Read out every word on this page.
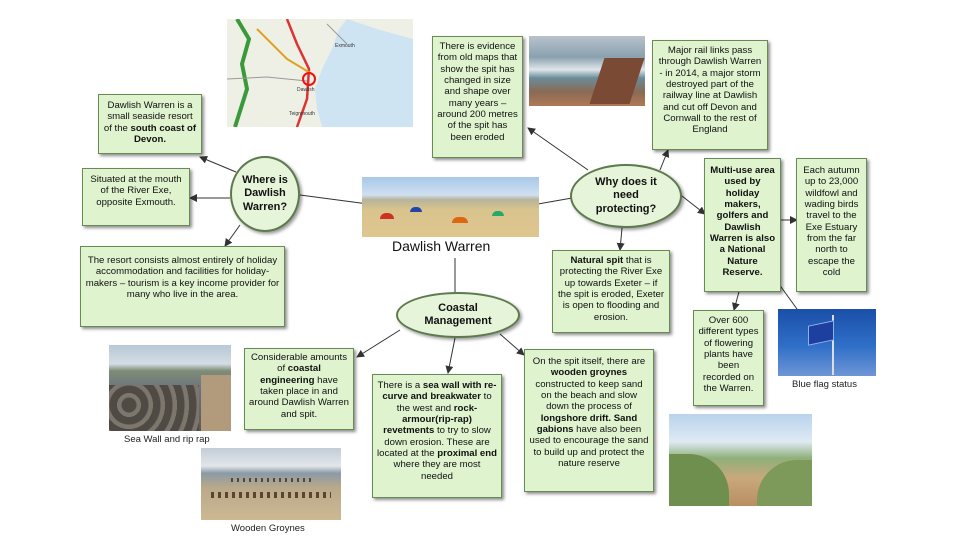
Exmouth
Dawlish
Teignmouth
Dawlish Warren
Where is Dawlish Warren?
Why does it need protecting?
Coastal Management
Dawlish Warren is a small seaside resort of the south coast of Devon.
Situated at the mouth of the River Exe, opposite Exmouth.
The resort consists almost entirely of holiday accommodation and facilities for holiday-makers – tourism is a key income provider for many who live in the area.
There is evidence from old maps that show the spit has changed in size and shape over many years – around 200 metres of the spit has been eroded
Major rail links pass through Dawlish Warren - in 2014, a major storm destroyed part of the railway line at Dawlish and cut off Devon and Cornwall to the rest of England
Multi-use area used by holiday makers, golfers and Dawlish Warren is also a National Nature Reserve.
Each autumn up to 23,000 wildfowl and wading birds travel to the Exe Estuary from the far north to escape the cold
Natural spit that is protecting the River Exe up towards Exeter – if the spit is eroded, Exeter is open to flooding and erosion.	Over 600 different types of flowering plants have been recorded on the Warren.	Blue flag status
Considerable amounts of coastal engineering have taken place in and around Dawlish Warren and spit.
There is a sea wall with re-curve and breakwater to the west and rock-armour(rip-rap) revetments to try to slow down erosion. These are located at the proximal end where they are most needed
On the spit itself, there are wooden groynes constructed to keep sand on the beach and slow down the process of longshore drift. Sand gabions have also been used to encourage the sand to build up and protect the nature reserve
Sea Wall and rip rap
Wooden Groynes
